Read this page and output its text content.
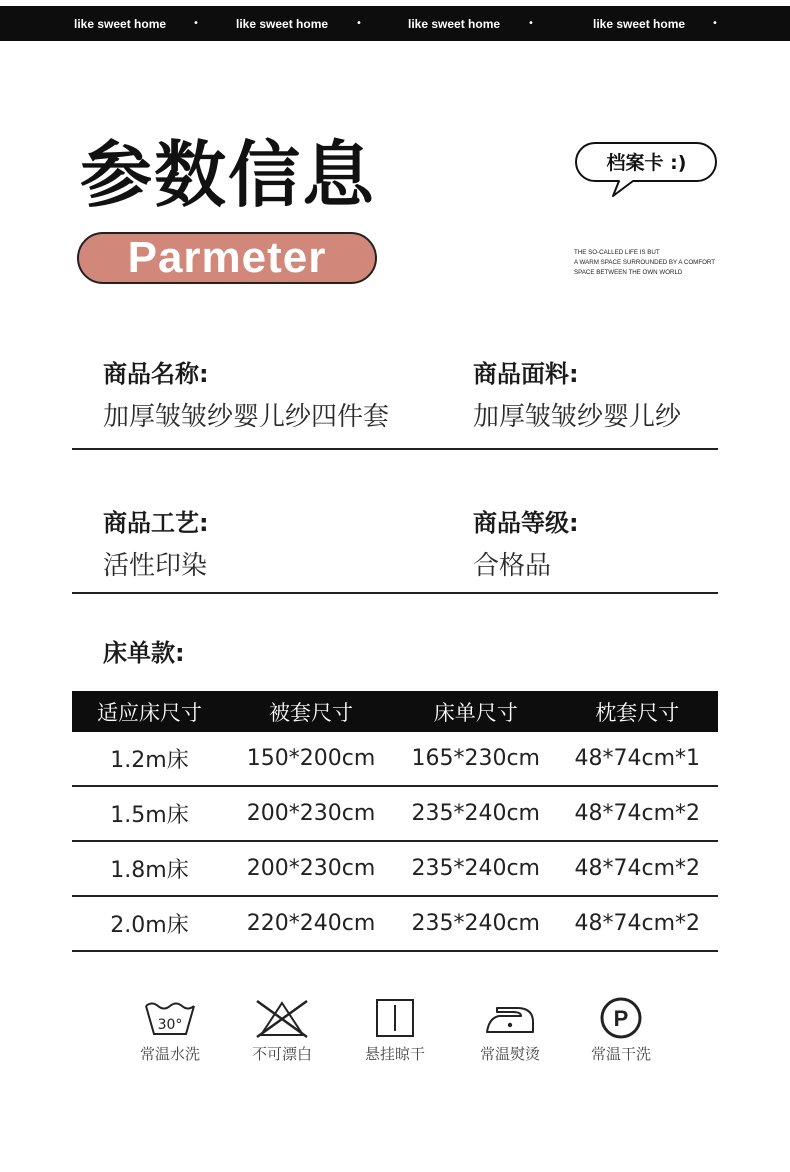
like sweet home	•	like sweet home	•	like sweet home	•	like sweet home	•
参数信息
Parmeter
档案卡 :)
THE SO-CALLED LIFE IS BUT
A WARM SPACE SURROUNDED BY A COMFORT
SPACE BETWEEN THE OWN WORLD
商品名称:
加厚皱皱纱婴儿纱四件套
商品面料:
加厚皱皱纱婴儿纱
商品工艺:
活性印染
商品等级:
合格品
床单款:
适应床尺寸	被套尺寸	床单尺寸	枕套尺寸
1.2m床	150*200cm	165*230cm	48*74cm*1
1.5m床	200*230cm	235*240cm	48*74cm*2
1.8m床	200*230cm	235*240cm	48*74cm*2
2.0m床	220*240cm	235*240cm	48*74cm*2
30°
常温水洗	不可漂白	悬挂晾干	常温熨烫
P
常温干洗
